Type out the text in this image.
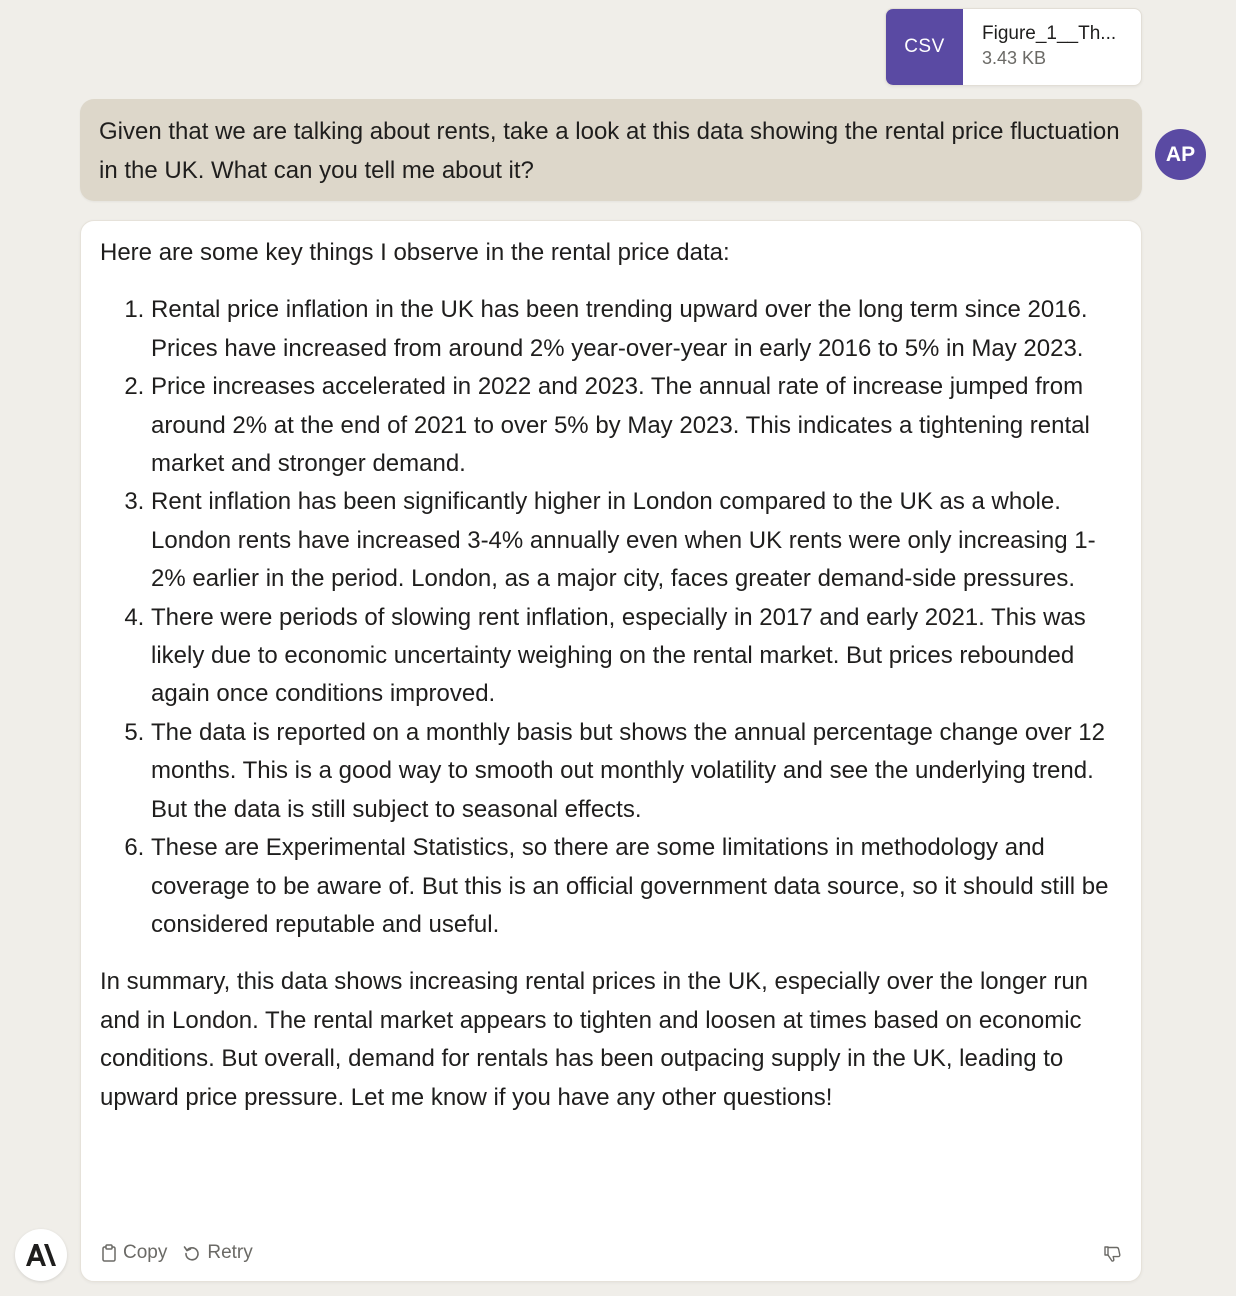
CSV
Figure_1__Th...
3.43 KB
Given that we are talking about rents, take a look at this data showing the rental price fluctuation in the UK. What can you tell me about it?
AP

Here are some key things I observe in the rental price data:

1. Rental price inflation in the UK has been trending upward over the long term since 2016. Prices have increased from around 2% year-over-year in early 2016 to 5% in May 2023.
2. Price increases accelerated in 2022 and 2023. The annual rate of increase jumped from around 2% at the end of 2021 to over 5% by May 2023. This indicates a tightening rental market and stronger demand.
3. Rent inflation has been significantly higher in London compared to the UK as a whole. London rents have increased 3-4% annually even when UK rents were only increasing 1-2% earlier in the period. London, as a major city, faces greater demand-side pressures.
4. There were periods of slowing rent inflation, especially in 2017 and early 2021. This was likely due to economic uncertainty weighing on the rental market. But prices rebounded again once conditions improved.
5. The data is reported on a monthly basis but shows the annual percentage change over 12 months. This is a good way to smooth out monthly volatility and see the underlying trend. But the data is still subject to seasonal effects.
6. These are Experimental Statistics, so there are some limitations in methodology and coverage to be aware of. But this is an official government data source, so it should still be considered reputable and useful.

In summary, this data shows increasing rental prices in the UK, especially over the longer run and in London. The rental market appears to tighten and loosen at times based on economic conditions. But overall, demand for rentals has been outpacing supply in the UK, leading to upward price pressure. Let me know if you have any other questions!

Copy Retry
